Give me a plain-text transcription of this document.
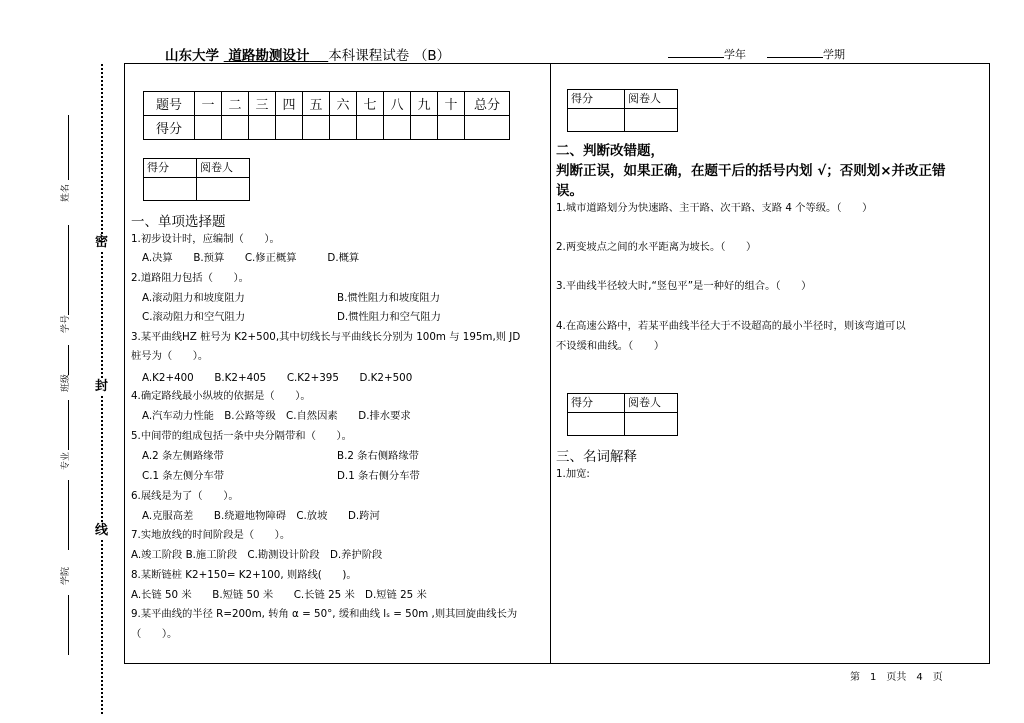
山东大学 道路勘测设计 本科课程试卷 （B）	学年	学期
密
封
线
姓名
学号
班级
专业
学院
题号	一	二	三	四	五	六	七	八	九	十	总分
得分											
得分	阅卷人

一、单项选择题
1.初步设计时，应编制（　　）。
A.决算　　B.预算　　C.修正概算　　　D.概算
2.道路阻力包括（　　）。
A.滚动阻力和坡度阻力	B.惯性阻力和坡度阻力
C.滚动阻力和空气阻力	D.惯性阻力和空气阻力
3.某平曲线HZ 桩号为 K2+500,其中切线长与平曲线长分别为 100m 与 195m,则 JD
桩号为（　　）。
A.K2+400　　B.K2+405　　C.K2+395　　D.K2+500
4.确定路线最小纵坡的依据是（　　）。
A.汽车动力性能　B.公路等级　C.自然因素　　D.排水要求
5.中间带的组成包括一条中央分隔带和（　　）。
A.2 条左侧路缘带	B.2 条右侧路缘带
C.1 条左侧分车带	D.1 条右侧分车带
6.展线是为了（　　）。
A.克服高差　　B.绕避地物障碍　C.放坡　　D.跨河
7.实地放线的时间阶段是（　　）。
A.竣工阶段 B.施工阶段　C.勘测设计阶段　D.养护阶段
8.某断链桩 K2+150= K2+100, 则路线(　　)。
A.长链 50 米　　B.短链 50 米　　C.长链 25 米　D.短链 25 米
9.某平曲线的半径 R=200m, 转角 α = 50°, 缓和曲线 lₛ = 50m ,则其回旋曲线长为
（　　）。
得分	阅卷人

二、判断改错题，
判断正误，如果正确，在题干后的括号内划 √；否则划×并改正错
误。
1.城市道路划分为快速路、主干路、次干路、支路 4 个等级。（　　）
2.两变坡点之间的水平距离为坡长。（　　）
3.平曲线半径较大时,“竖包平”是一种好的组合。（　　）
4.在高速公路中，若某平曲线半径大于不设超高的最小半径时，则该弯道可以
不设缓和曲线。（　　）
得分	阅卷人

三、名词解释
1.加宽:
第　1　页共　4　页
